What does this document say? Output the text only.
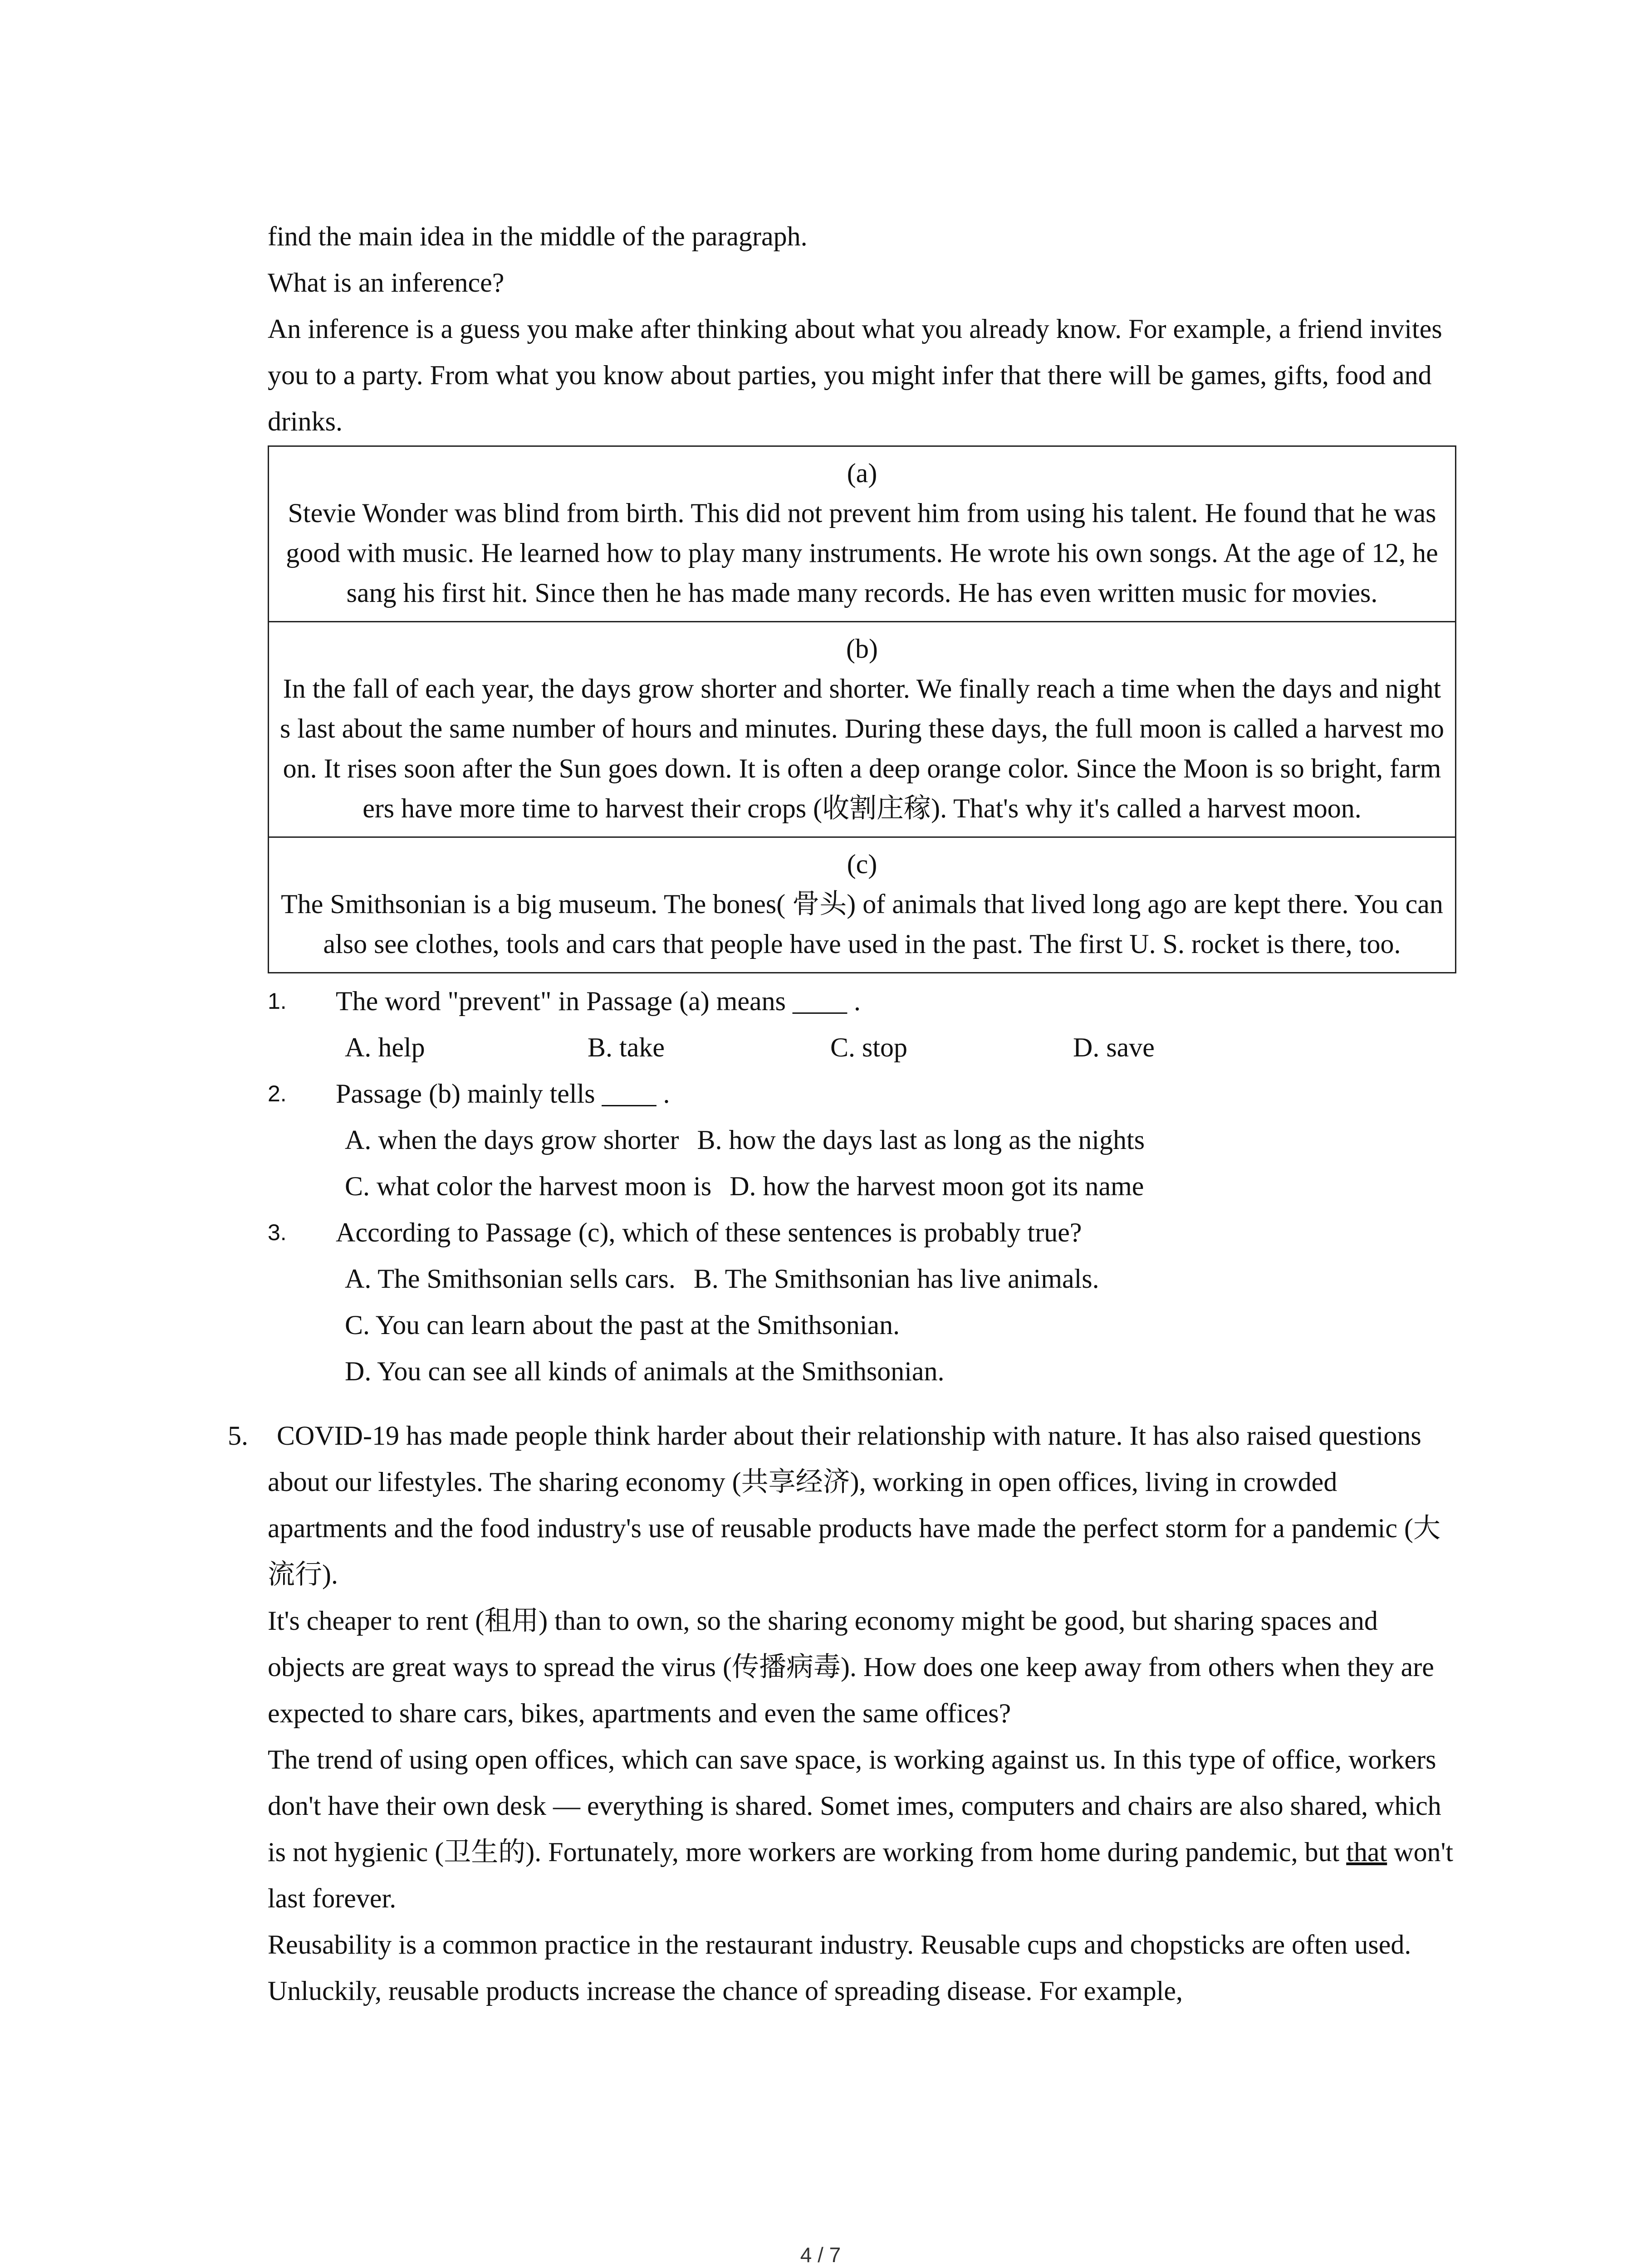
find the main idea in the middle of the paragraph.

What is an inference?

An inference is a guess you make after thinking about what you already know. For example, a friend invites you to a party. From what you know about parties, you might infer that there will be games, gifts, food and drinks.

(a)
Stevie Wonder was blind from birth. This did not prevent him from using his talent. He found that he was good with music. He learned how to play many instruments. He wrote his own songs. At the age of 12, he sang his first hit. Since then he has made many records. He has even written music for movies.

(b)
In the fall of each year, the days grow shorter and shorter. We finally reach a time when the days and nights last about the same number of hours and minutes. During these days, the full moon is called a harvest moon. It rises soon after the Sun goes down. It is often a deep orange color. Since the Moon is so bright, farmers have more time to harvest their crops (收割庄稼). That's why it's called a harvest moon.

(c)
The Smithsonian is a big museum. The bones( 骨头) of animals that lived long ago are kept there. You can also see clothes, tools and cars that people have used in the past. The first U. S. rocket is there, too.
1. The word "prevent" in Passage (a) means ____ .
A. help	B. take	C. stop	D. save
2. Passage (b) mainly tells ____ .
A. when the days grow shorter B. how the days last as long as the nights
C. what color the harvest moon is D. how the harvest moon got its name
3. According to Passage (c), which of these sentences is probably true?
A. The Smithsonian sells cars. B. The Smithsonian has live animals.
C. You can learn about the past at the Smithsonian.
D. You can see all kinds of animals at the Smithsonian.
5.	COVID-19 has made people think harder about their relationship with nature. It has also raised questions about our lifestyles. The sharing economy (共享经济), working in open offices, living in crowded apartments and the food industry's use of reusable products have made the perfect storm for a pandemic (大流行).

It's cheaper to rent (租用) than to own, so the sharing economy might be good, but sharing spaces and objects are great ways to spread the virus (传播病毒). How does one keep away from others when they are expected to share cars, bikes, apartments and even the same offices?

The trend of using open offices, which can save space, is working against us. In this type of office, workers don't have their own desk — everything is shared. Somet imes, computers and chairs are also shared, which is not hygienic (卫生的). Fortunately, more workers are working from home during pandemic, but that won't last forever.

Reusability is a common practice in the restaurant industry. Reusable cups and chopsticks are often used. Unluckily, reusable products increase the chance of spreading disease. For example,

4 / 7
